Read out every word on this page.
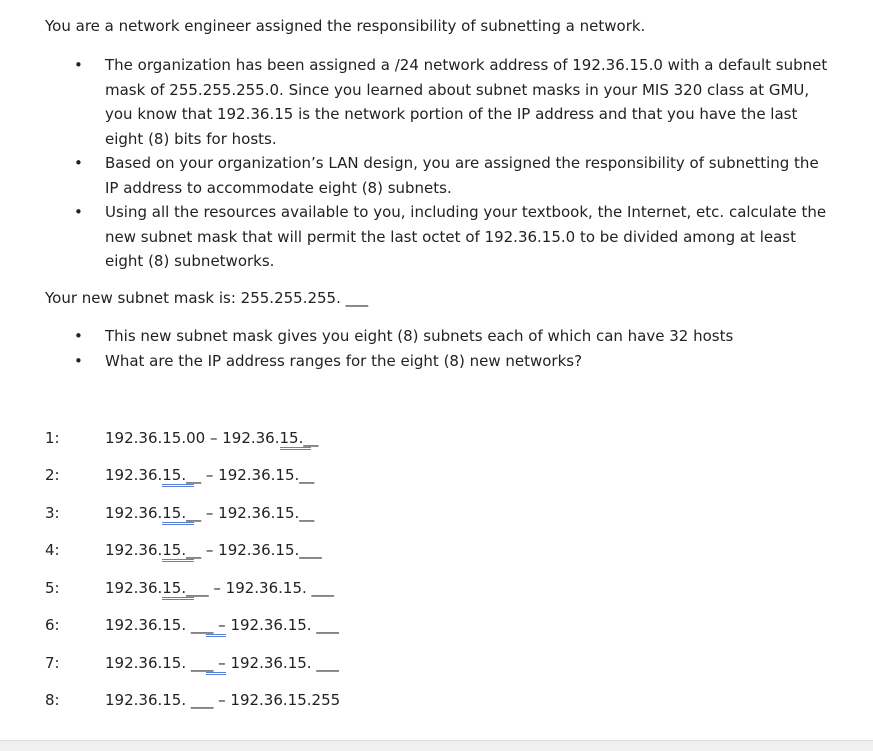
You are a network engineer assigned the responsibility of subnetting a network.

• The organization has been assigned a /24 network address of 192.36.15.0 with a default subnet mask of 255.255.255.0. Since you learned about subnet masks in your MIS 320 class at GMU, you know that 192.36.15 is the network portion of the IP address and that you have the last eight (8) bits for hosts.
• Based on your organization’s LAN design, you are assigned the responsibility of subnetting the IP address to accommodate eight (8) subnets.
• Using all the resources available to you, including your textbook, the Internet, etc. calculate the new subnet mask that will permit the last octet of 192.36.15.0 to be divided among at least eight (8) subnetworks.

Your new subnet mask is: 255.255.255. ___

• This new subnet mask gives you eight (8) subnets each of which can have 32 hosts
• What are the IP address ranges for the eight (8) new networks?
1:	192.36.15.00 – 192.36.15.__
2:	192.36.15.__ – 192.36.15.__
3:	192.36.15.__ – 192.36.15.__
4:	192.36.15.__ – 192.36.15.___
5:	192.36.15.___ – 192.36.15. ___
6:	192.36.15. ___ – 192.36.15. ___
7:	192.36.15. ___ – 192.36.15. ___
8:	192.36.15. ___ – 192.36.15.255
